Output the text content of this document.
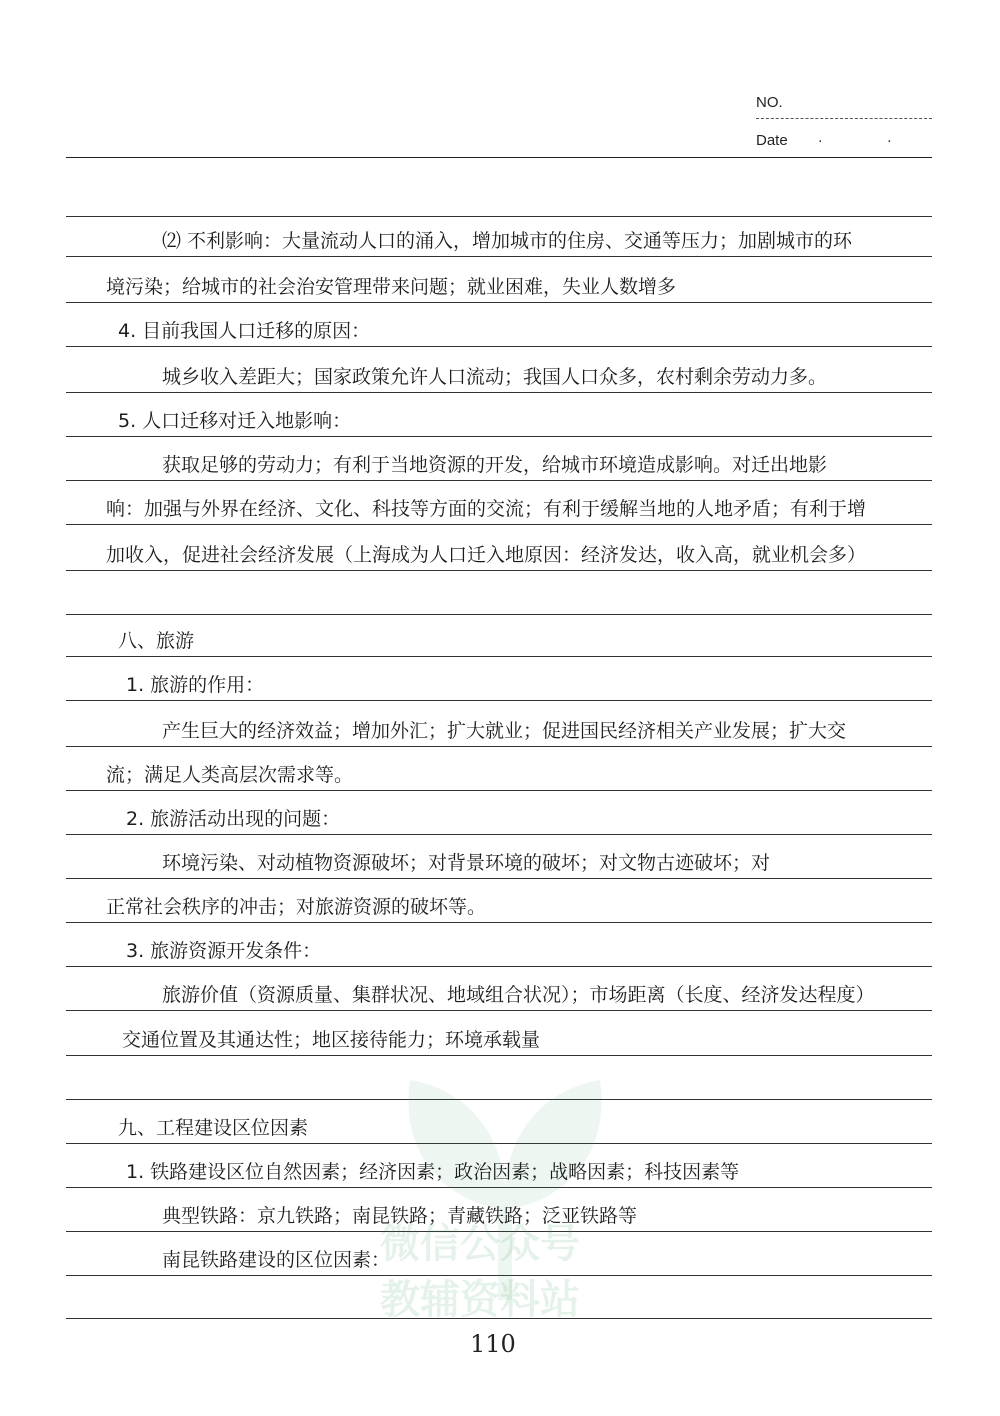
NO.
Date · ·
微信公众号
教辅资料站
⑵ 不利影响：大量流动人口的涌入，增加城市的住房、交通等压力；加剧城市的环
境污染；给城市的社会治安管理带来问题；就业困难，失业人数增多
4. 目前我国人口迁移的原因：
城乡收入差距大；国家政策允许人口流动；我国人口众多，农村剩余劳动力多。
5. 人口迁移对迁入地影响：
获取足够的劳动力；有利于当地资源的开发，给城市环境造成影响。对迁出地影
响：加强与外界在经济、文化、科技等方面的交流；有利于缓解当地的人地矛盾；有利于增
加收入，促进社会经济发展（上海成为人口迁入地原因：经济发达，收入高，就业机会多）
八、旅游
1. 旅游的作用：
产生巨大的经济效益；增加外汇；扩大就业；促进国民经济相关产业发展；扩大交
流；满足人类高层次需求等。
2. 旅游活动出现的问题：
环境污染、对动植物资源破坏；对背景环境的破坏；对文物古迹破坏；对
正常社会秩序的冲击；对旅游资源的破坏等。
3. 旅游资源开发条件：
旅游价值（资源质量、集群状况、地域组合状况）；市场距离（长度、经济发达程度）
交通位置及其通达性；地区接待能力；环境承载量
九、工程建设区位因素
1. 铁路建设区位自然因素；经济因素；政治因素；战略因素；科技因素等
典型铁路：京九铁路；南昆铁路；青藏铁路；泛亚铁路等
南昆铁路建设的区位因素：
110
